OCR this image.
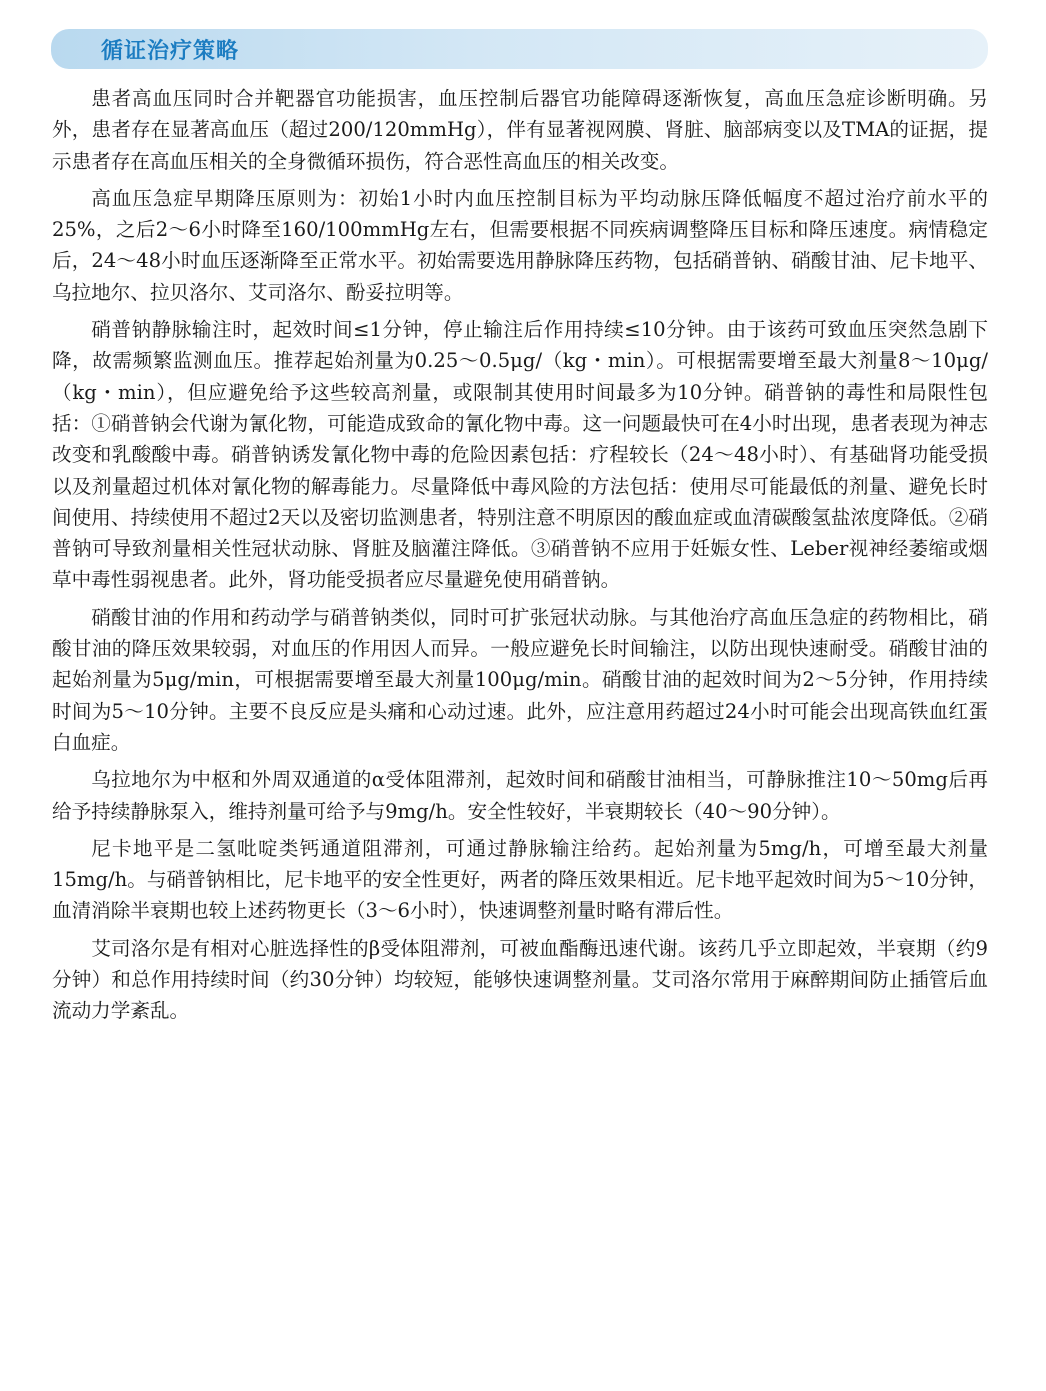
循证治疗策略

患者高血压同时合并靶器官功能损害，血压控制后器官功能障碍逐渐恢复，高血压急症诊断明确。另外，患者存在显著高血压（超过200/120mmHg），伴有显著视网膜、肾脏、脑部病变以及TMA的证据，提示患者存在高血压相关的全身微循环损伤，符合恶性高血压的相关改变。

高血压急症早期降压原则为：初始1小时内血压控制目标为平均动脉压降低幅度不超过治疗前水平的25%，之后2～6小时降至160/100mmHg左右，但需要根据不同疾病调整降压目标和降压速度。病情稳定后，24～48小时血压逐渐降至正常水平。初始需要选用静脉降压药物，包括硝普钠、硝酸甘油、尼卡地平、乌拉地尔、拉贝洛尔、艾司洛尔、酚妥拉明等。

硝普钠静脉输注时，起效时间≤1分钟，停止输注后作用持续≤10分钟。由于该药可致血压突然急剧下降，故需频繁监测血压。推荐起始剂量为0.25～0.5μg/（kg・min）。可根据需要增至最大剂量8～10μg/（kg・min），但应避免给予这些较高剂量，或限制其使用时间最多为10分钟。硝普钠的毒性和局限性包括：①硝普钠会代谢为氰化物，可能造成致命的氰化物中毒。这一问题最快可在4小时出现，患者表现为神志改变和乳酸酸中毒。硝普钠诱发氰化物中毒的危险因素包括：疗程较长（24～48小时）、有基础肾功能受损以及剂量超过机体对氰化物的解毒能力。尽量降低中毒风险的方法包括：使用尽可能最低的剂量、避免长时间使用、持续使用不超过2天以及密切监测患者，特别注意不明原因的酸血症或血清碳酸氢盐浓度降低。②硝普钠可导致剂量相关性冠状动脉、肾脏及脑灌注降低。③硝普钠不应用于妊娠女性、Leber视神经萎缩或烟草中毒性弱视患者。此外，肾功能受损者应尽量避免使用硝普钠。

硝酸甘油的作用和药动学与硝普钠类似，同时可扩张冠状动脉。与其他治疗高血压急症的药物相比，硝酸甘油的降压效果较弱，对血压的作用因人而异。一般应避免长时间输注，以防出现快速耐受。硝酸甘油的起始剂量为5μg/min，可根据需要增至最大剂量100μg/min。硝酸甘油的起效时间为2～5分钟，作用持续时间为5～10分钟。主要不良反应是头痛和心动过速。此外，应注意用药超过24小时可能会出现高铁血红蛋白血症。

乌拉地尔为中枢和外周双通道的α受体阻滞剂，起效时间和硝酸甘油相当，可静脉推注10～50mg后再给予持续静脉泵入，维持剂量可给予与9mg/h。安全性较好，半衰期较长（40～90分钟）。

尼卡地平是二氢吡啶类钙通道阻滞剂，可通过静脉输注给药。起始剂量为5mg/h，可增至最大剂量15mg/h。与硝普钠相比，尼卡地平的安全性更好，两者的降压效果相近。尼卡地平起效时间为5～10分钟，血清消除半衰期也较上述药物更长（3～6小时），快速调整剂量时略有滞后性。

艾司洛尔是有相对心脏选择性的β受体阻滞剂，可被血酯酶迅速代谢。该药几乎立即起效，半衰期（约9分钟）和总作用持续时间（约30分钟）均较短，能够快速调整剂量。艾司洛尔常用于麻醉期间防止插管后血流动力学紊乱。
